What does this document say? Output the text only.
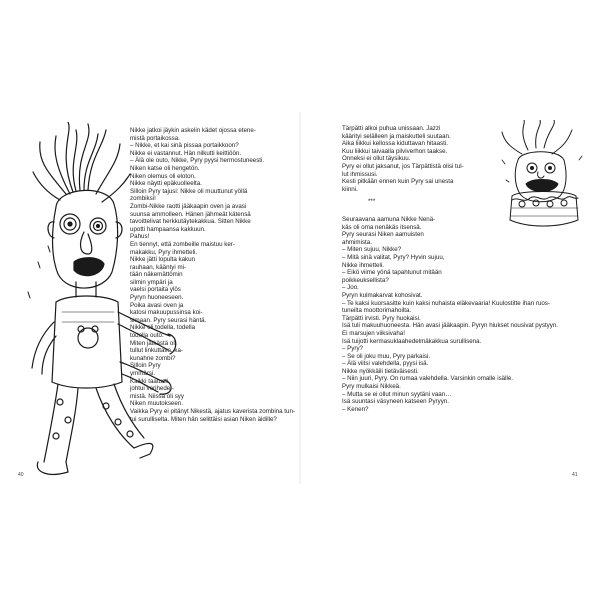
Nikke jatkoi jäykin askelin kädet ojossa etene-

mistä portaikossa.

– Nikke, et kai sinä pissaa portaikkoon?

Nikke ei vastannut. Hän nilkutti keittiöön.

– Älä ole outo, Nikke, Pyry pyysi hermostuneesti.

Niken katse oli hengetön.

Niken olemus oli eloton.

Nikke näytti epäkuolleelta.

Silloin Pyry tajusi: Nikke oli muuttunut yöllä

zombiksi!

Zombi-Nikke raotti jääkaapin oven ja avasi

suunsa ammolleen. Hänen jähmeät kätensä

tavoittelivat herkkutäytekakkua. Sitten Nikke

upotti hampaansa kakkuun.

Pahus!

En tiennyt, että zombeille maistuu ker-

makakku, Pyry ihmetteli.

Nikke jätti lopulta kakun

rauhaan, kääntyi mi-

tään näkemättömin

silmin ympäri ja

vaelsi portaita ylös

Pyryn huoneeseen.

Poika avasi oven ja

katosi makuupussinsa koi-

simaan. Pyry seurasi häntä.

Nikke oli todella, todella

todella outo.

Miten jätkästä oli

tullut linkuttava, ka-

kunahne zombi?

Silloin Pyry

ymmärsi.

Kaikki taatusti

johtui verihedel-

mistä. Niissä oli syy

Niken muutokseen.

Vaikka Pyry ei pitänyt Nikestä, ajatus kaverista zombina tun-

tui surulliselta. Miten hän selittäisi asian Niken äidille?

40

Tärpätti alkoi puhua unissaan. Jazzi

käärityi selälleen ja maiskutteli suutaan.

Aika liikkui kellossa kiduttavan hitaasti.

Kuu liikkui taivaalla pilviverhon taakse.

Onneksi ei ollut täysikuu.

Pyry ei ollut jaksanut, jos Tärpättistä olisi tul-

lut ihmissusi.

Kesti pitkään ennen kuin Pyry sai unesta

kiinni.

***

Seuraavana aamuna Nikke Nenä-

käs oli oma nenäkäs itsensä.

Pyry seurasi Niken aamuisten

ahmimista.

– Miten sujuu, Nikke?

– Mitä sinä valitat, Pyry? Hyvin sujuu,

Nikke ihmetteli.

– Eikö viime yönä tapahtunut mitään

poikkeuksellista?

– Joo.

Pyryn kulmakarvat kohosivat.

– Te kaksi kuorsasitte kuin kaksi nuhaista eläkevaaria! Kuulostitte ihan ruos-

tuneilta moottorimahoilta.

Tärpätti irvisti. Pyry huokaisi.

Isä tuli makuuhuoneesta. Hän avasi jääkaapin. Pyryn hiukset nousivat pystyyn.

Ei marsujen viiksivaha!

Isä tuijotti kermasuklaahedelmäkakkua surullisena.

– Pyry?

– Se oli joku muu, Pyry parkaisi.

– Älä viitsi valehdella, pyysi isä.

Nikke nyökkäili tietäväisesti.

– Niin juuri, Pyry. On rumaa valehdella. Varsinkin omalle isälle.

Pyry mulkaisi Nikkeä.

– Mutta se ei ollut minun syytäni vaan…

Isä suuntasi väsyneen katseen Pyryyn.

– Kenen?

41
